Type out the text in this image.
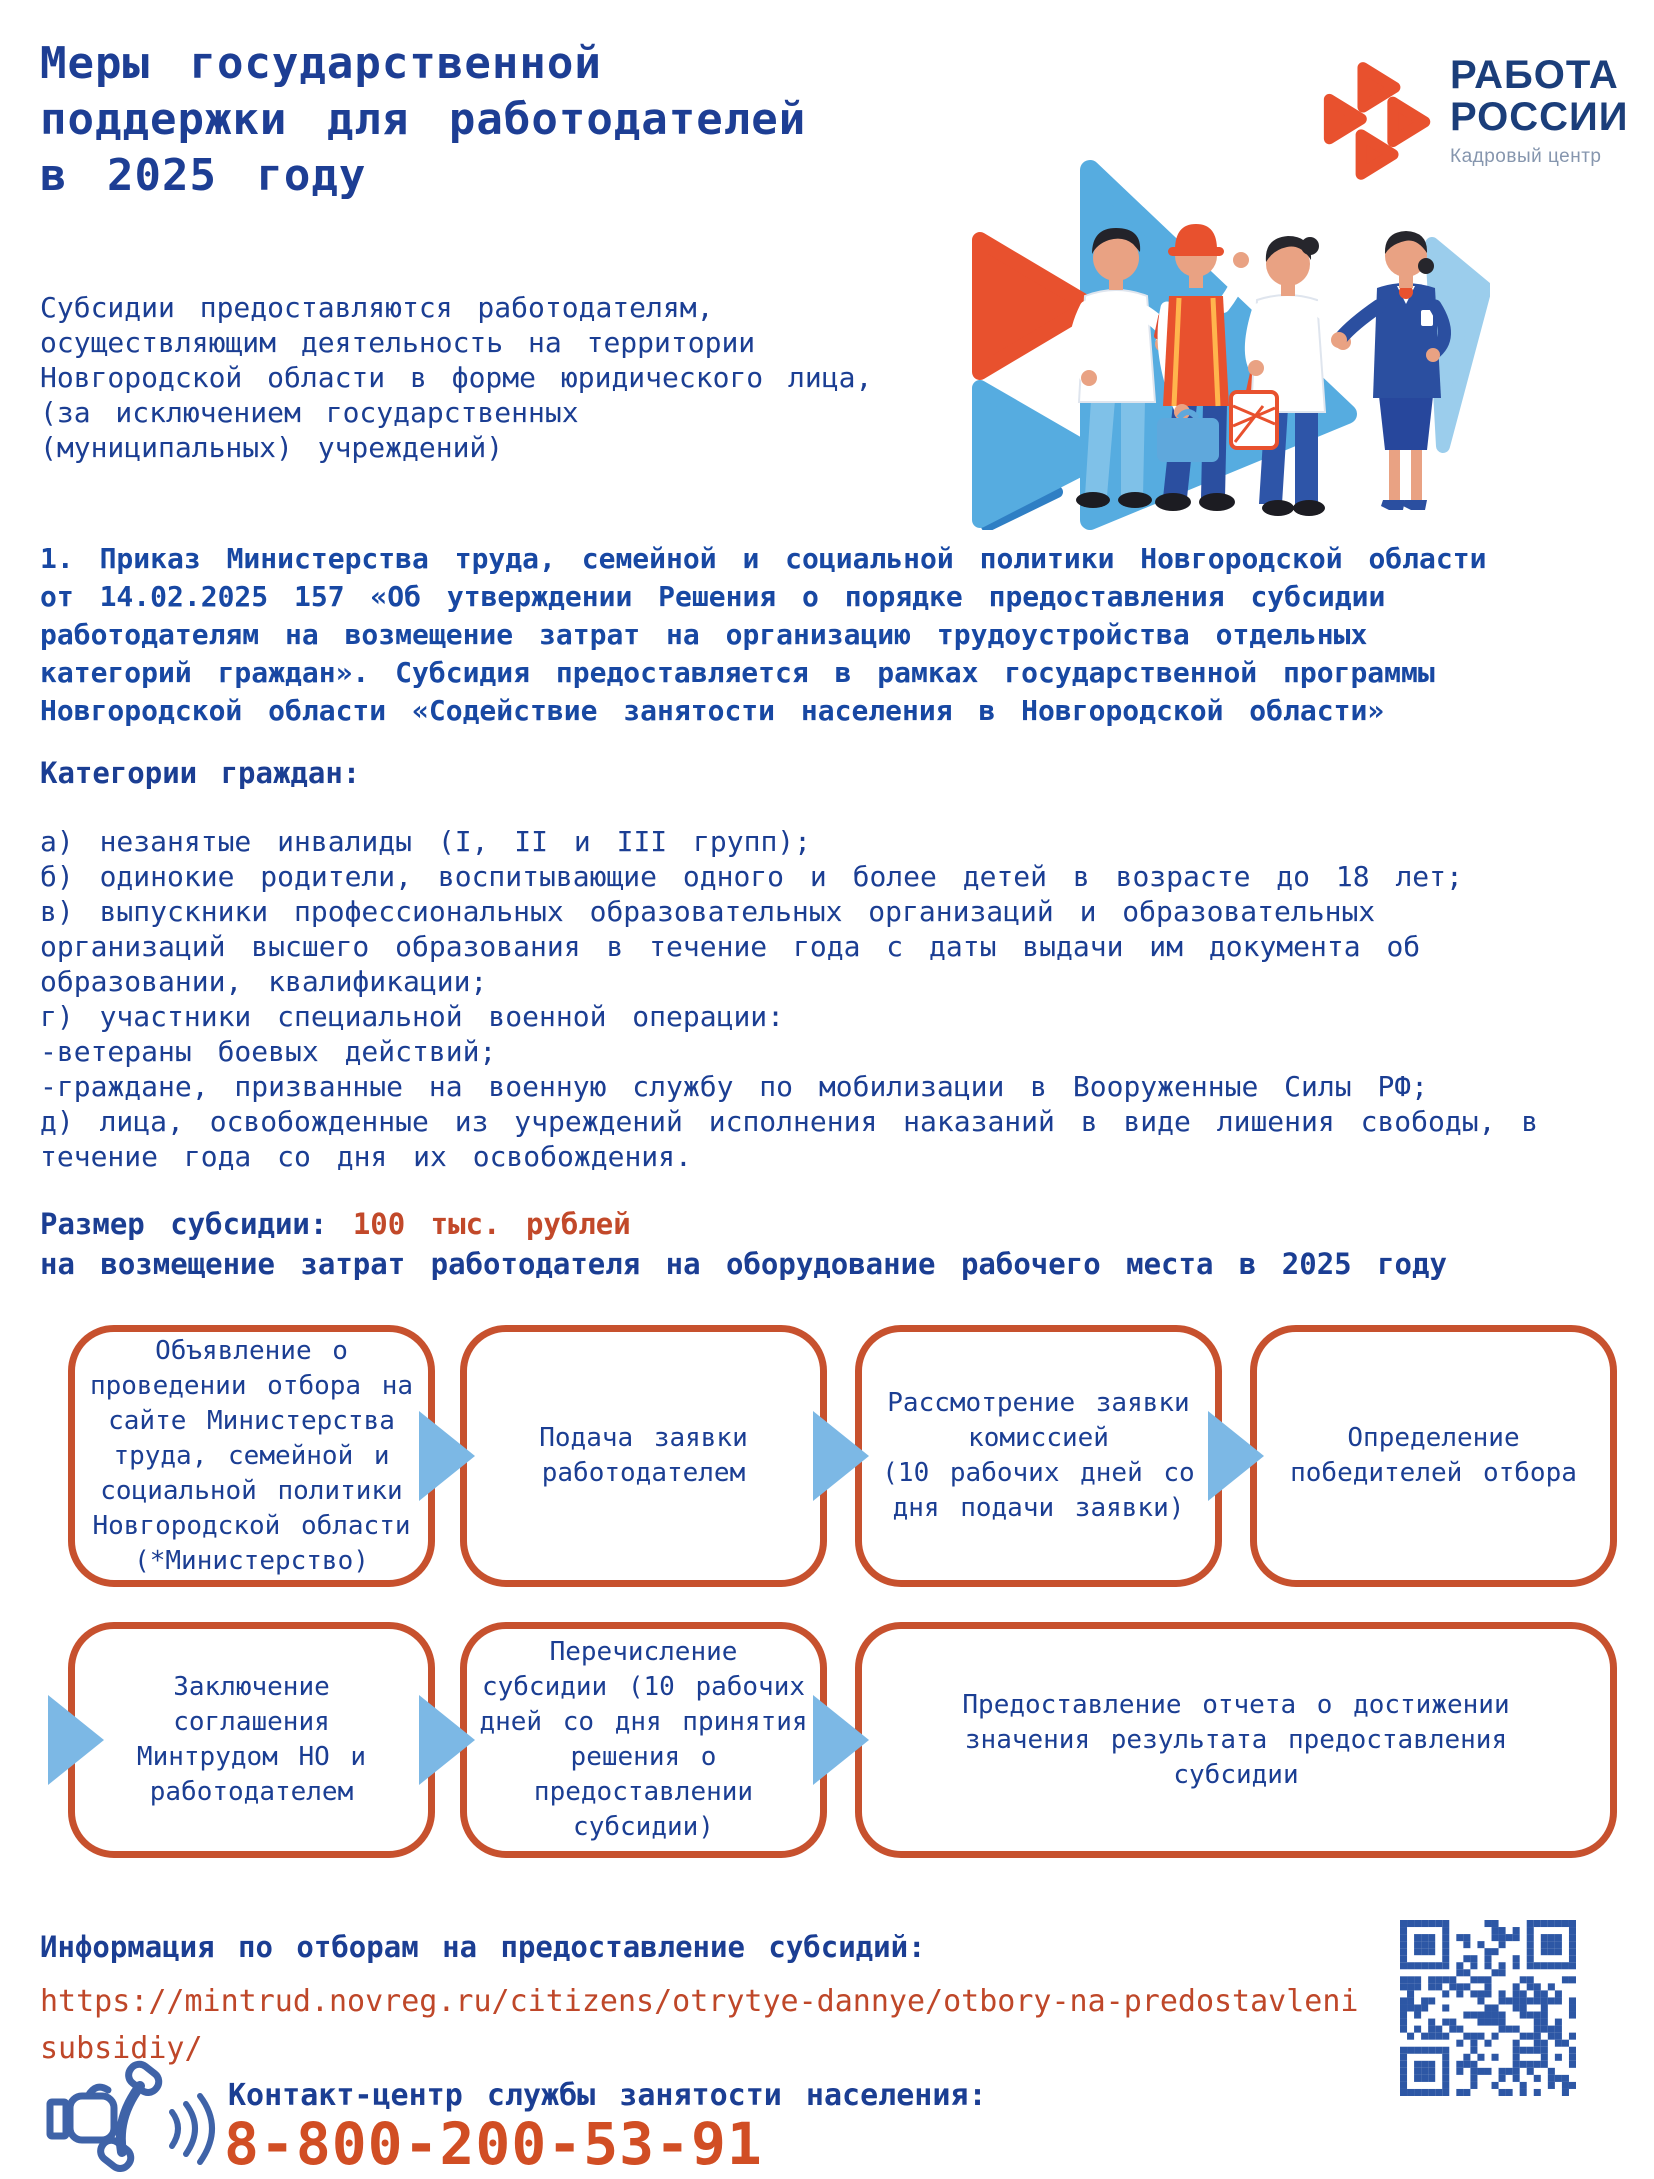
Меры государственной
поддержки для работодателей
в 2025 году
РАБОТА
РОССИИ
Кадровый центр
Субсидии предоставляются работодателям,
осуществляющим деятельность на территории
Новгородской области в форме юридического лица,
(за исключением государственных
(муниципальных) учреждений)
1. Приказ Министерства труда, семейной и социальной политики Новгородской области
от 14.02.2025 157 «Об утверждении Решения о порядке предоставления субсидии
работодателям на возмещение затрат на организацию трудоустройства отдельных
категорий граждан». Субсидия предоставляется в рамках государственной программы
Новгородской области «Содействие занятости населения в Новгородской области»
Категории граждан:
а) незанятые инвалиды (I, II и III групп);
б) одинокие родители, воспитывающие одного и более детей в возрасте до 18 лет;
в) выпускники профессиональных образовательных организаций и образовательных
организаций высшего образования в течение года с даты выдачи им документа об
образовании, квалификации;
г) участники специальной военной операции:
-ветераны боевых действий;
-граждане, призванные на военную службу по мобилизации в Вооруженные Силы РФ;
д) лица, освобожденные из учреждений исполнения наказаний в виде лишения свободы, в
течение года со дня их освобождения.
Размер субсидии: 100 тыс. рублей
на возмещение затрат работодателя на оборудование рабочего места в 2025 году
Объявление о
проведении отбора на
сайте Министерства
труда, семейной и
социальной политики
Новгородской области
(*Министерство)
Подача заявки
работодателем
Рассмотрение заявки
комиссией
(10 рабочих дней со
дня подачи заявки)
Определение
победителей отбора
Заключение
соглашения
Минтрудом НО и
работодателем
Перечисление
субсидии (10 рабочих
дней со дня принятия
решения о
предоставлении
субсидии)
Предоставление отчета о достижении
значения результата предоставления
субсидии
Информация по отборам на предоставление субсидий:
https://mintrud.novreg.ru/citizens/otrytye-dannye/otbory-na-predostavleni
subsidiy/
Контакт-центр службы занятости населения:
8-800-200-53-91
